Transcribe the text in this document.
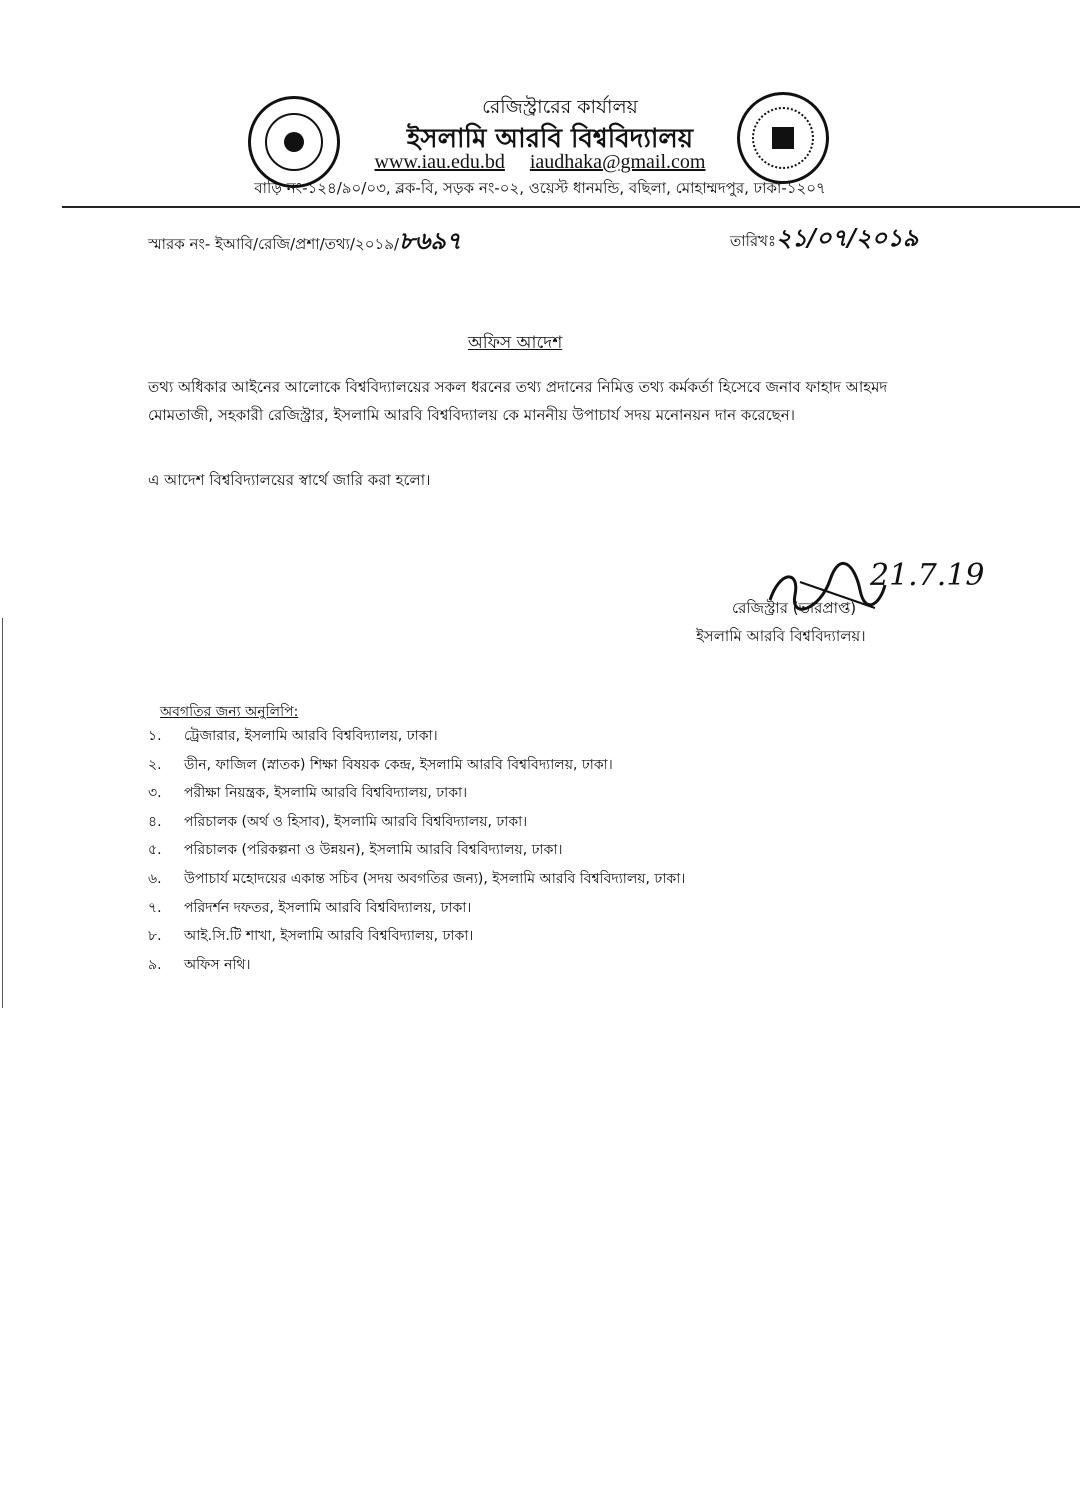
রেজিস্ট্রারের কার্যালয়
ইসলামি আরবি বিশ্ববিদ্যালয়
www.iau.edu.bd iaudhaka@gmail.com
বাড়ি নং-১২৪/৯০/০৩, ব্লক-বি, সড়ক নং-০২, ওয়েস্ট ধানমন্ডি, বছিলা, মোহাম্মদপুর, ঢাকা-১২০৭
স্মারক নং- ইআবি/রেজি/প্রশা/তথ্য/২০১৯/৮৬৯৭	তারিখঃ২১/০৭/২০১৯
অফিস আদেশ
তথ্য অধিকার আইনের আলোকে বিশ্ববিদ্যালয়ের সকল ধরনের তথ্য প্রদানের নিমিত্ত তথ্য কর্মকর্তা হিসেবে জনাব ফাহাদ আহমদ মোমতাজী, সহকারী রেজিস্ট্রার, ইসলামি আরবি বিশ্ববিদ্যালয় কে মাননীয় উপাচার্য সদয় মনোনয়ন দান করেছেন।
এ আদেশ বিশ্ববিদ্যালয়ের স্বার্থে জারি করা হলো।
21.7.19
রেজিস্ট্রার (ভারপ্রাপ্ত)
ইসলামি আরবি বিশ্ববিদ্যালয়।
অবগতির জন্য অনুলিপি:
১. ট্রেজারার, ইসলামি আরবি বিশ্ববিদ্যালয়, ঢাকা।
২. ডীন, ফাজিল (স্নাতক) শিক্ষা বিষয়ক কেন্দ্র, ইসলামি আরবি বিশ্ববিদ্যালয়, ঢাকা।
৩. পরীক্ষা নিয়ন্ত্রক, ইসলামি আরবি বিশ্ববিদ্যালয়, ঢাকা।
৪. পরিচালক (অর্থ ও হিসাব), ইসলামি আরবি বিশ্ববিদ্যালয়, ঢাকা।
৫. পরিচালক (পরিকল্পনা ও উন্নয়ন), ইসলামি আরবি বিশ্ববিদ্যালয়, ঢাকা।
৬. উপাচার্য মহোদয়ের একান্ত সচিব (সদয় অবগতির জন্য), ইসলামি আরবি বিশ্ববিদ্যালয়, ঢাকা।
৭. পরিদর্শন দফতর, ইসলামি আরবি বিশ্ববিদ্যালয়, ঢাকা।
৮. আই.সি.টি শাখা, ইসলামি আরবি বিশ্ববিদ্যালয়, ঢাকা।
৯. অফিস নথি।
